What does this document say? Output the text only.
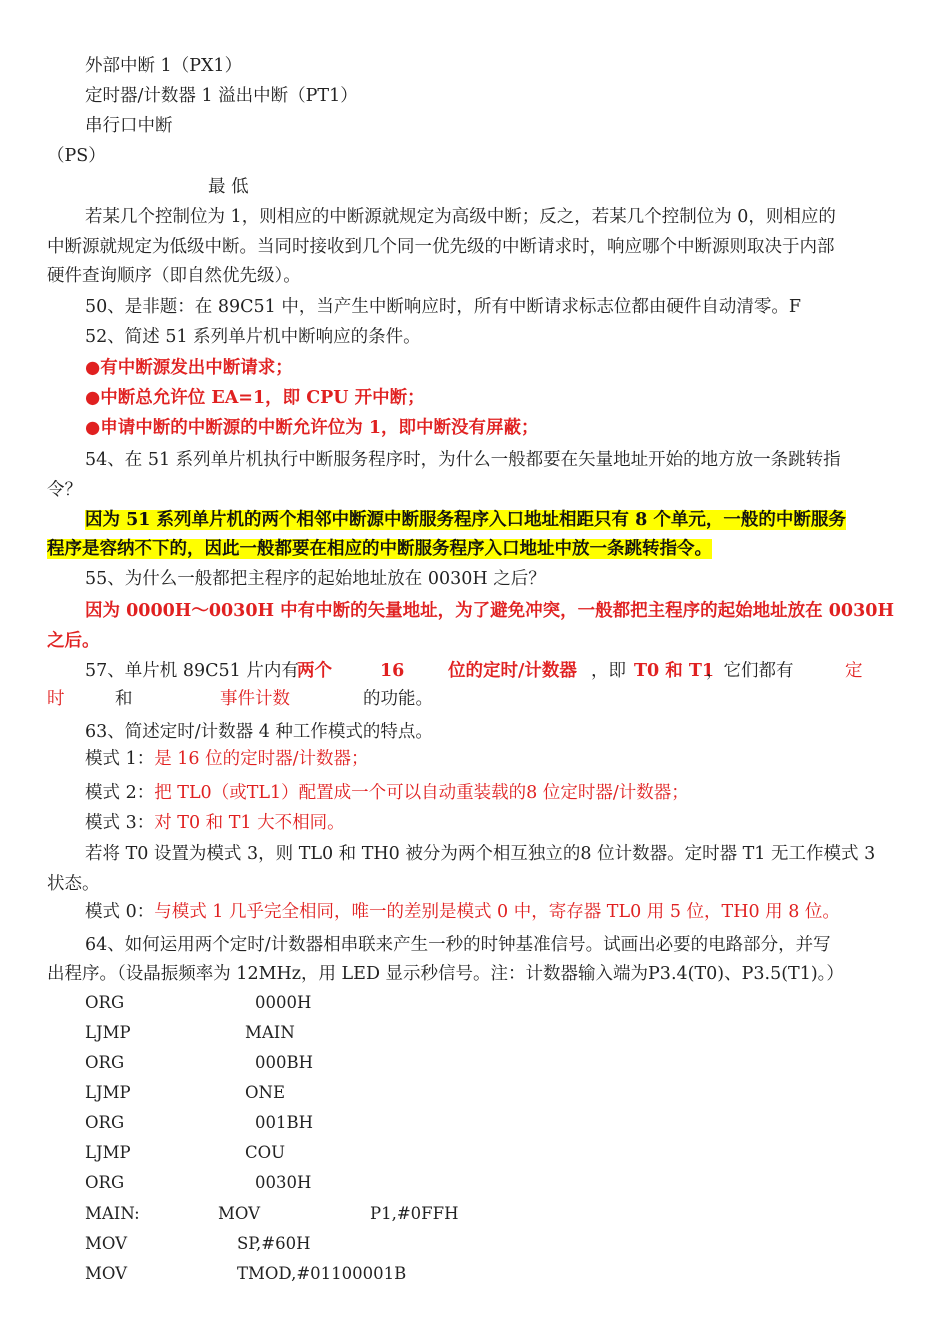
外部中断 1（PX1）
定时器/计数器 1 溢出中断（PT1）
串行口中断
（PS）
最 低
若某几个控制位为 1，则相应的中断源就规定为高级中断；反之，若某几个控制位为 0，则相应的
中断源就规定为低级中断。当同时接收到几个同一优先级的中断请求时，响应哪个中断源则取决于内部
硬件查询顺序（即自然优先级）。
50、是非题：在 89C51 中，当产生中断响应时，所有中断请求标志位都由硬件自动清零。F
52、简述 51 系列单片机中断响应的条件。
●有中断源发出中断请求；
●中断总允许位 EA=1，即 CPU 开中断；
●申请中断的中断源的中断允许位为 1，即中断没有屏蔽；
54、在 51 系列单片机执行中断服务程序时，为什么一般都要在矢量地址开始的地方放一条跳转指
令？
因为 51 系列单片机的两个相邻中断源中断服务程序入口地址相距只有 8 个单元，一般的中断服务
程序是容纳不下的，因此一般都要在相应的中断服务程序入口地址中放一条跳转指令。
55、为什么一般都把主程序的起始地址放在 0030H 之后？
因为 0000H～0030H 中有中断的矢量地址，为了避免冲突，一般都把主程序的起始地址放在 0030H
之后。
57、单片机 89C51 片内有
两个	16 位的定时/计数器 ，即 T0 和 T1
，它们都有	定
时	和	事件计数	的功能。
63、简述定时/计数器 4 种工作模式的特点。
模式 1：是 16 位的定时器/计数器；
模式 2：把 TL0（或TL1）配置成一个可以自动重装载的8 位定时器/计数器；
模式 3：对 T0 和 T1 大不相同。
若将 T0 设置为模式 3，则 TL0 和 TH0 被分为两个相互独立的8 位计数器。定时器 T1 无工作模式 3
状态。
模式 0：与模式 1 几乎完全相同，唯一的差别是模式 0 中，寄存器 TL0 用 5 位，TH0 用 8 位。
64、如何运用两个定时/计数器相串联来产生一秒的时钟基准信号。试画出必要的电路部分，并写
出程序。（设晶振频率为 12MHz，用 LED 显示秒信号。注：计数器输入端为P3.4(T0)、P3.5(T1)。）
ORG	0000H
LJMP	MAIN
ORG	000BH
LJMP	ONE
ORG	001BH
LJMP	COU
ORG	0030H
MAIN:	MOV	P1,#0FFH
MOV	SP,#60H
MOV	TMOD,#01100001B
